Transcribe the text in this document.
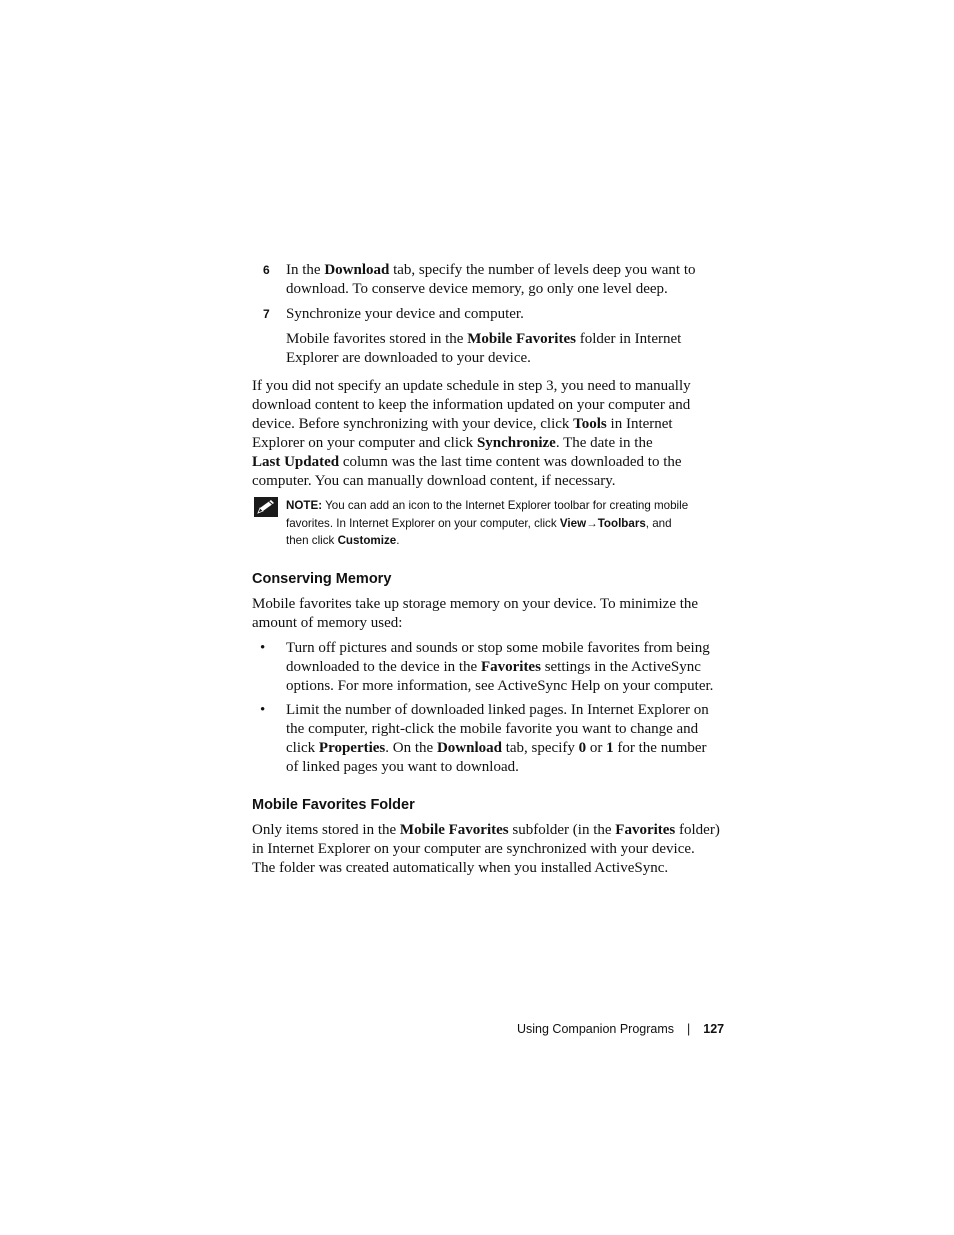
6 In the Download tab, specify the number of levels deep you want to
download. To conserve device memory, go only one level deep.
7 Synchronize your device and computer.
Mobile favorites stored in the Mobile Favorites folder in Internet
Explorer are downloaded to your device.
If you did not specify an update schedule in step 3, you need to manually
download content to keep the information updated on your computer and
device. Before synchronizing with your device, click Tools in Internet
Explorer on your computer and click Synchronize. The date in the
Last Updated column was the last time content was downloaded to the
computer. You can manually download content, if necessary.
NOTE: You can add an icon to the Internet Explorer toolbar for creating mobile
favorites. In Internet Explorer on your computer, click View→Toolbars, and
then click Customize.
Conserving Memory
Mobile favorites take up storage memory on your device. To minimize the
amount of memory used:
• Turn off pictures and sounds or stop some mobile favorites from being
downloaded to the device in the Favorites settings in the ActiveSync
options. For more information, see ActiveSync Help on your computer.
• Limit the number of downloaded linked pages. In Internet Explorer on
the computer, right-click the mobile favorite you want to change and
click Properties. On the Download tab, specify 0 or 1 for the number
of linked pages you want to download.
Mobile Favorites Folder
Only items stored in the Mobile Favorites subfolder (in the Favorites folder)
in Internet Explorer on your computer are synchronized with your device.
The folder was created automatically when you installed ActiveSync.
Using Companion Programs | 127
